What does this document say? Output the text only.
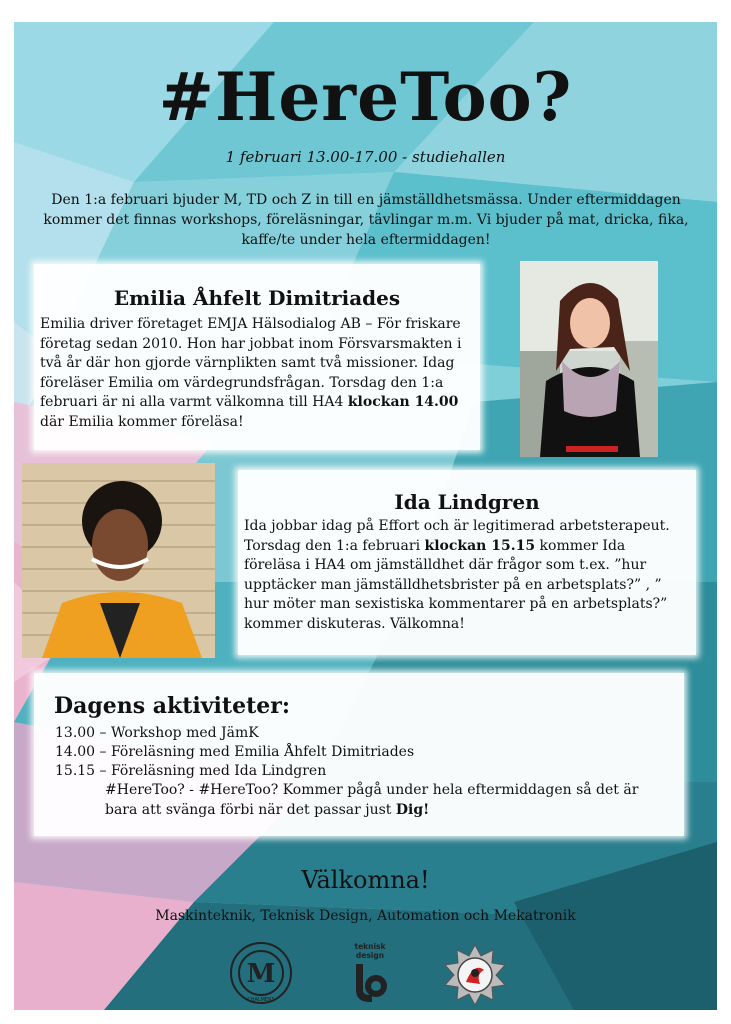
#HereToo?
1 februari 13.00-17.00 - studiehallen
Den 1:a februari bjuder M, TD och Z in till en jämställdhetsmässa. Under eftermiddagen kommer det finnas workshops, föreläsningar, tävlingar m.m. Vi bjuder på mat, dricka, fika, kaffe/te under hela eftermiddagen!
Emilia Åhfelt Dimitriades
Emilia driver företaget EMJA Hälsodialog AB – För friskare företag sedan 2010. Hon har jobbat inom Försvarsmakten i två år där hon gjorde värnplikten samt två missioner. Idag föreläser Emilia om värdegrundsfrågan. Torsdag den 1:a februari är ni alla varmt välkomna till HA4 klockan 14.00 där Emilia kommer föreläsa!
Ida Lindgren
Ida jobbar idag på Effort och är legitimerad arbetsterapeut. Torsdag den 1:a februari klockan 15.15 kommer Ida föreläsa i HA4 om jämställdhet där frågor som t.ex. ”hur upptäcker man jämställdhetsbrister på en arbetsplats?” , ” hur möter man sexistiska kommentarer på en arbetsplats?” kommer diskuteras. Välkomna!
Dagens aktiviteter:
13.00 – Workshop med JämK
14.00 – Föreläsning med Emilia Åhfelt Dimitriades
15.15 – Föreläsning med Ida Lindgren
#HereToo? - #HereToo? Kommer pågå under hela eftermiddagen så det är bara att svänga förbi när det passar just Dig!
Välkomna!
Maskinteknik, Teknisk Design, Automation och Mekatronik
M
CHALMERS
teknisk
design
